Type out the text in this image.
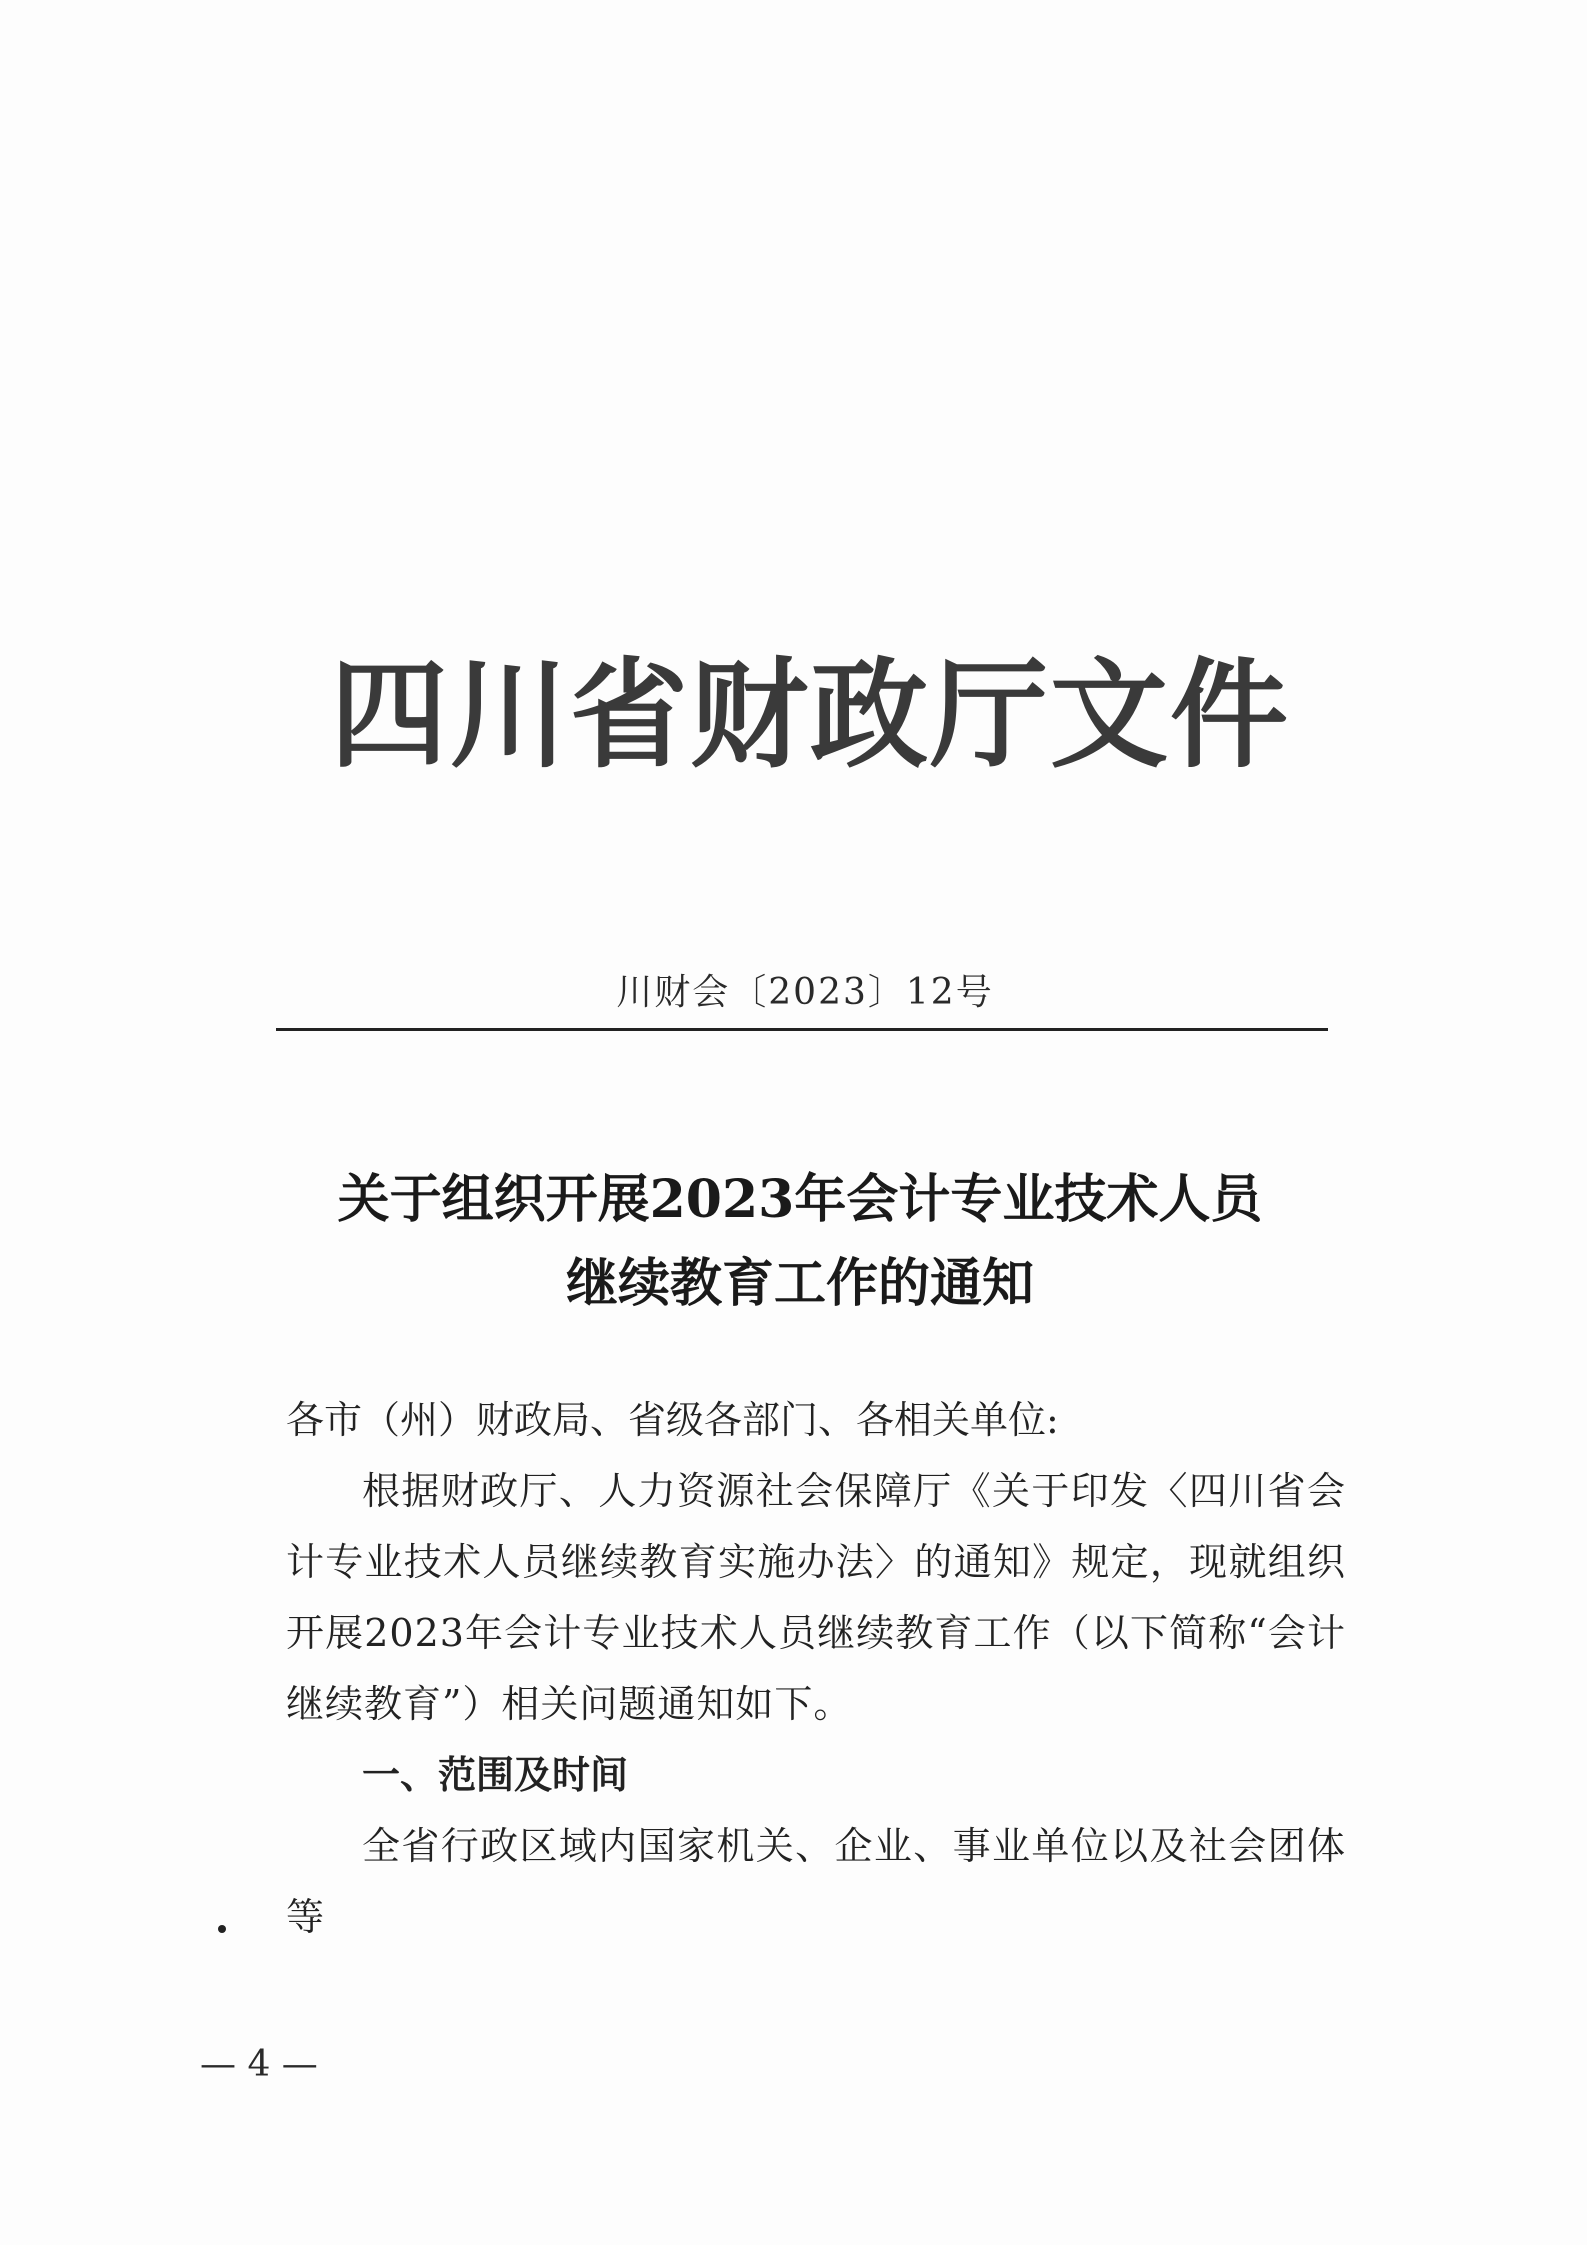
四川省财政厅文件
川财会〔2023〕12号
关于组织开展2023年会计专业技术人员
继续教育工作的通知

各市（州）财政局、省级各部门、各相关单位:

根据财政厅、人力资源社会保障厅《关于印发〈四川省会计专业技术人员继续教育实施办法〉的通知》规定，现就组织开展2023年会计专业技术人员继续教育工作（以下简称“会计继续教育”）相关问题通知如下。

一、范围及时间

全省行政区域内国家机关、企业、事业单位以及社会团体等

— 4 —
